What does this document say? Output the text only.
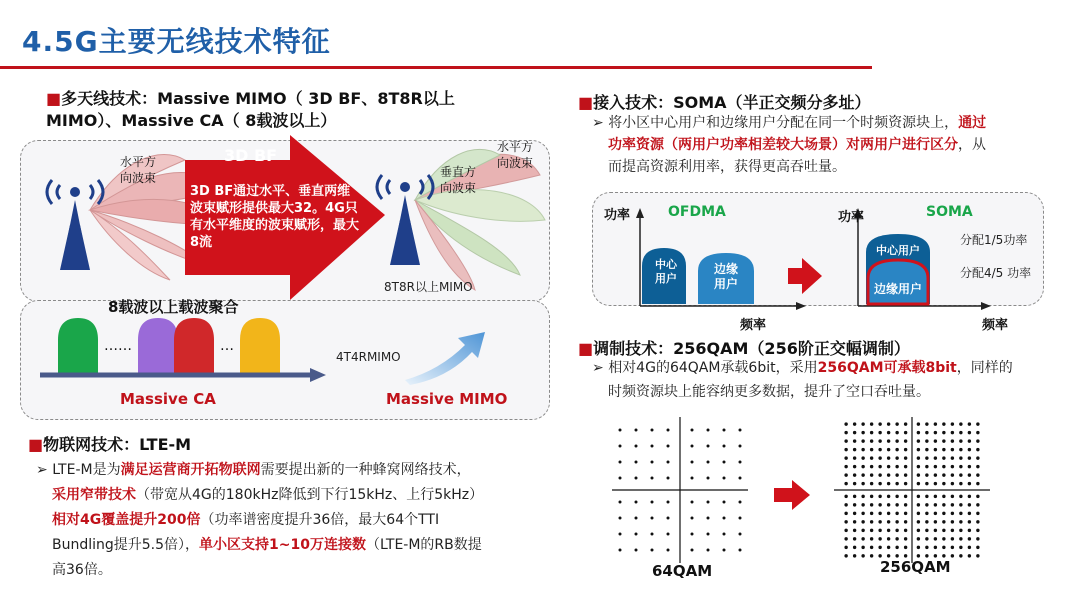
4.5G主要无线技术特征
■多天线技术：Massive MIMO（ 3D BF、8T8R以上
MIMO）、Massive CA（ 8载波以上）
3D BF
3D BF通过水平、垂直两维波束赋形提供最大32。4G只有水平维度的波束赋形，最大8流
水平方
向波束	垂直方
向波束
水平方
向波束
8T8R以上MIMO
8载波以上载波聚合
……	…
Massive CA
4T4RMIMO
Massive MIMO
■物联网技术：LTE-M
➢ LTE-M是为满足运营商开拓物联网需要提出新的一种蜂窝网络技术，
采用窄带技术（带宽从4G的180kHz降低到下行15kHz、上行5kHz）
相对4G覆盖提升200倍（功率谱密度提升36倍，最大64个TTI
Bundling提升5.5倍），单小区支持1~10万连接数（LTE-M的RB数提
高36倍。
■接入技术：SOMA（半正交频分多址）
➢ 将小区中心用户和边缘用户分配在同一个时频资源块上，通过
功率资源（两用户功率相差较大场景）对两用户进行区分，从
而提高资源利用率，获得更高吞吐量。
功率	OFDMA
中心
用户
边缘
用户
频率
功率	SOMA
中心用户
边缘用户
分配1/5功率
分配4/5 功率
频率
■调制技术：256QAM（256阶正交幅调制）
➢ 相对4G的64QAM承载6bit，采用256QAM可承载8bit，同样的
时频资源块上能容纳更多数据，提升了空口吞吐量。
64QAM	256QAM
